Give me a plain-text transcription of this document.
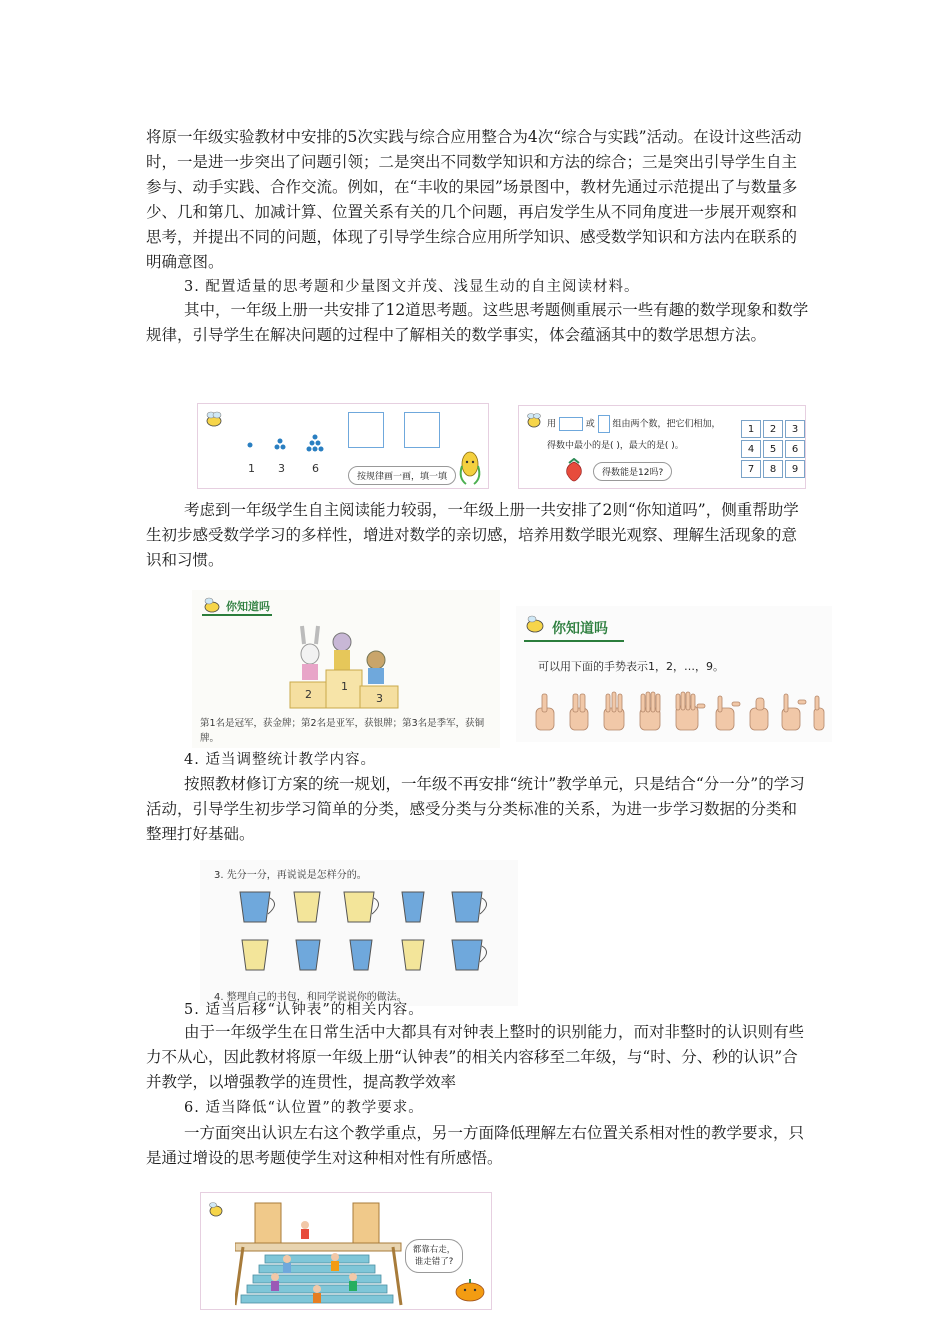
将原一年级实验教材中安排的5次实践与综合应用整合为4次“综合与实践”活动。在设计这些活动时，一是进一步突出了问题引领；二是突出不同数学知识和方法的综合；三是突出引导学生自主参与、动手实践、合作交流。例如，在“丰收的果园”场景图中，教材先通过示范提出了与数量多少、几和第几、加减计算、位置关系有关的几个问题，再启发学生从不同角度进一步展开观察和思考，并提出不同的问题，体现了引导学生综合应用所学知识、感受数学知识和方法内在联系的明确意图。

3. 配置适量的思考题和少量图文并茂、浅显生动的自主阅读材料。

其中，一年级上册一共安排了12道思考题。这些思考题侧重展示一些有趣的数学现象和数学规律，引导学生在解决问题的过程中了解相关的数学事实，体会蕴涵其中的数学思想方法。

1 3 6
按规律画一画，填一填
用	或 组由两个数，把它们相加，
得数中最小的是( )，最大的是( )。
得数能是12吗?
1	2	3
4	5	6
7	8	9

考虑到一年级学生自主阅读能力较弱，一年级上册一共安排了2则“你知道吗”，侧重帮助学生初步感受数学学习的多样性，增进对数学的亲切感，培养用数学眼光观察、理解生活现象的意识和习惯。

你知道吗
2
1
3
第1名是冠军，获金牌；第2名是亚军，获银牌；第3名是季军，获铜牌。
你知道吗
可以用下面的手势表示1，2，…，9。

4. 适当调整统计教学内容。

按照教材修订方案的统一规划，一年级不再安排“统计”教学单元，只是结合“分一分”的学习活动，引导学生初步学习简单的分类，感受分类与分类标准的关系，为进一步学习数据的分类和整理打好基础。

3. 先分一分，再说说是怎样分的。
4. 整理自己的书包，和同学说说你的做法。

5. 适当后移“认钟表”的相关内容。

由于一年级学生在日常生活中大都具有对钟表上整时的识别能力，而对非整时的认识则有些力不从心，因此教材将原一年级上册“认钟表”的相关内容移至二年级，与“时、分、秒的认识”合并教学，以增强教学的连贯性，提高教学效率

6. 适当降低“认位置”的教学要求。

一方面突出认识左右这个教学重点，另一方面降低理解左右位置关系相对性的教学要求，只是通过增设的思考题使学生对这种相对性有所感悟。

都靠右走，谁走错了?
